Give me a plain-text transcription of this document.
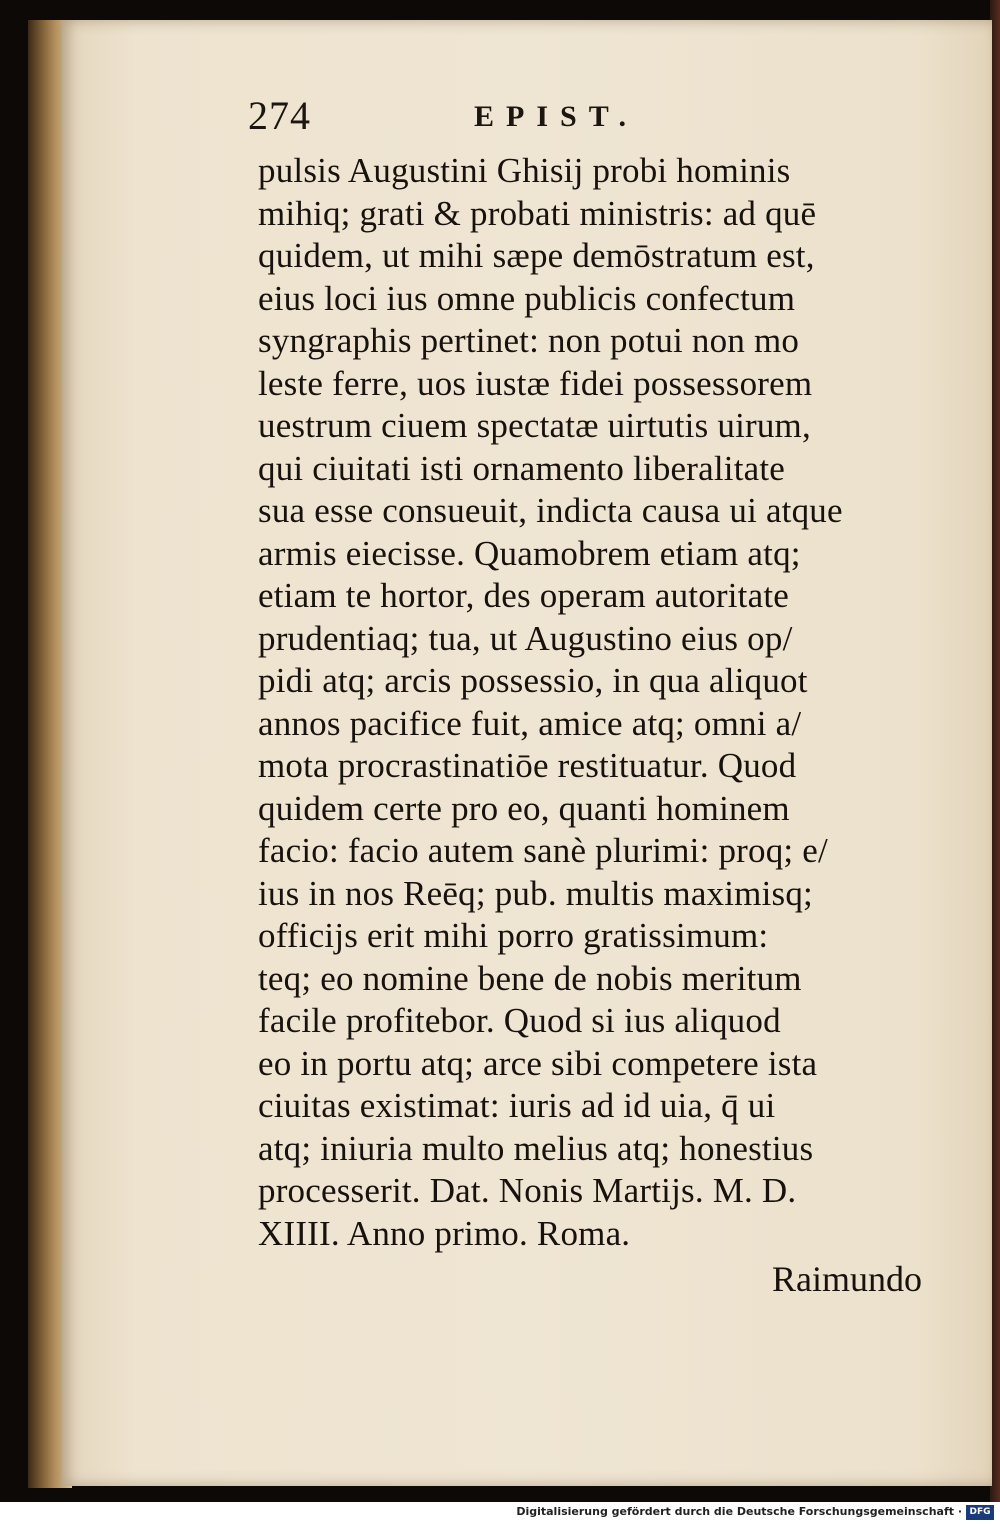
274	EPIST.
pulsis Augustini Ghisij probi hominis
mihiq; grati & probati ministris: ad quē
quidem, ut mihi sæpe demōstratum est,
eius loci ius omne publicis confectum
syngraphis pertinet: non potui non mo
leste ferre, uos iustæ fidei possessorem
uestrum ciuem spectatæ uirtutis uirum,
qui ciuitati isti ornamento liberalitate
sua esse consueuit, indicta causa ui atque
armis eiecisse. Quamobrem etiam atq;
etiam te hortor, des operam autoritate
prudentiaq; tua, ut Augustino eius op/
pidi atq; arcis possessio, in qua aliquot
annos pacifice fuit, amice atq; omni a/
mota procrastinatiōe restituatur. Quod
quidem certe pro eo, quanti hominem
facio: facio autem sanè plurimi: proq; e/
ius in nos Reēq; pub. multis maximisq;
officijs erit mihi porro gratissimum:
teq; eo nomine bene de nobis meritum
facile profitebor. Quod si ius aliquod
eo in portu atq; arce sibi competere ista
ciuitas existimat: iuris ad id uia, q̄ ui
atq; iniuria multo melius atq; honestius
processerit. Dat. Nonis Martijs. M. D.
XIIII. Anno primo. Roma.
Raimundo
Digitalisierung gefördert durch die Deutsche Forschungsgemeinschaft · DFG
